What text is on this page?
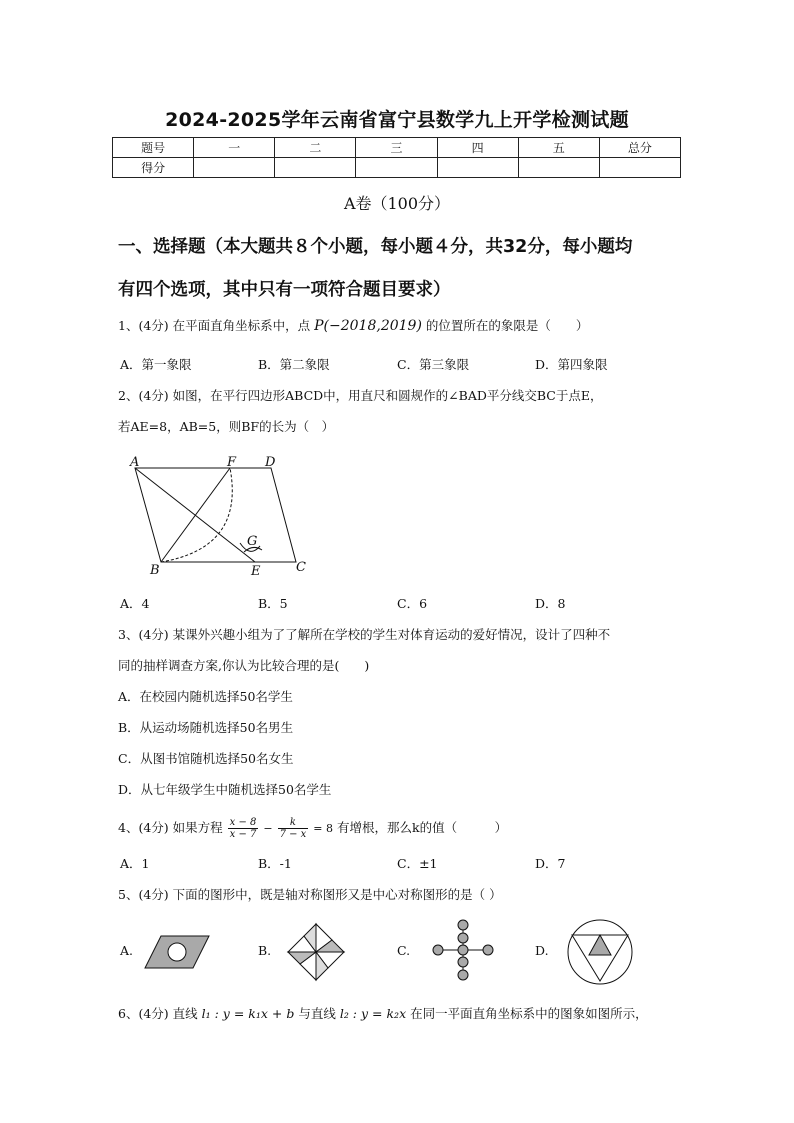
2024-2025学年云南省富宁县数学九上开学检测试题
题号	一	二	三	四	五	总分
得分						
A卷（100分）
一、选择题（本大题共８个小题，每小题４分，共32分，每小题均
有四个选项，其中只有一项符合题目要求）
1、(4分) 在平面直角坐标系中，点 P(−2018,2019) 的位置所在的象限是（　　）
A．第一象限	B．第二象限	C．第三象限	D．第四象限
2、(4分) 如图，在平行四边形ABCD中，用直尺和圆规作的∠BAD平分线交BC于点E，
若AE=8，AB=5，则BF的长为（　）
A	F D
G
B	E	C
A．4	B．5	C．6	D．8
3、(4分) 某课外兴趣小组为了了解所在学校的学生对体育运动的爱好情况，设计了四种不
同的抽样调查方案,你认为比较合理的是(　　)
A．在校园内随机选择50名学生
B．从运动场随机选择50名男生
C．从图书馆随机选择50名女生
D．从七年级学生中随机选择50名学生
4、(4分) 如果方程 $\frac{x - 8}{x - 7} - \frac{k}{7 - x} = 8$ 有增根，那么k的值（　　　）
A．1	B．-1	C．±1	D．7
5、(4分) 下面的图形中，既是轴对称图形又是中心对称图形的是（ ）
A.	B.	C.	D.
6、(4分) 直线 l₁ : y = k₁x + b 与直线 l₂ : y = k₂x 在同一平面直角坐标系中的图象如图所示，
